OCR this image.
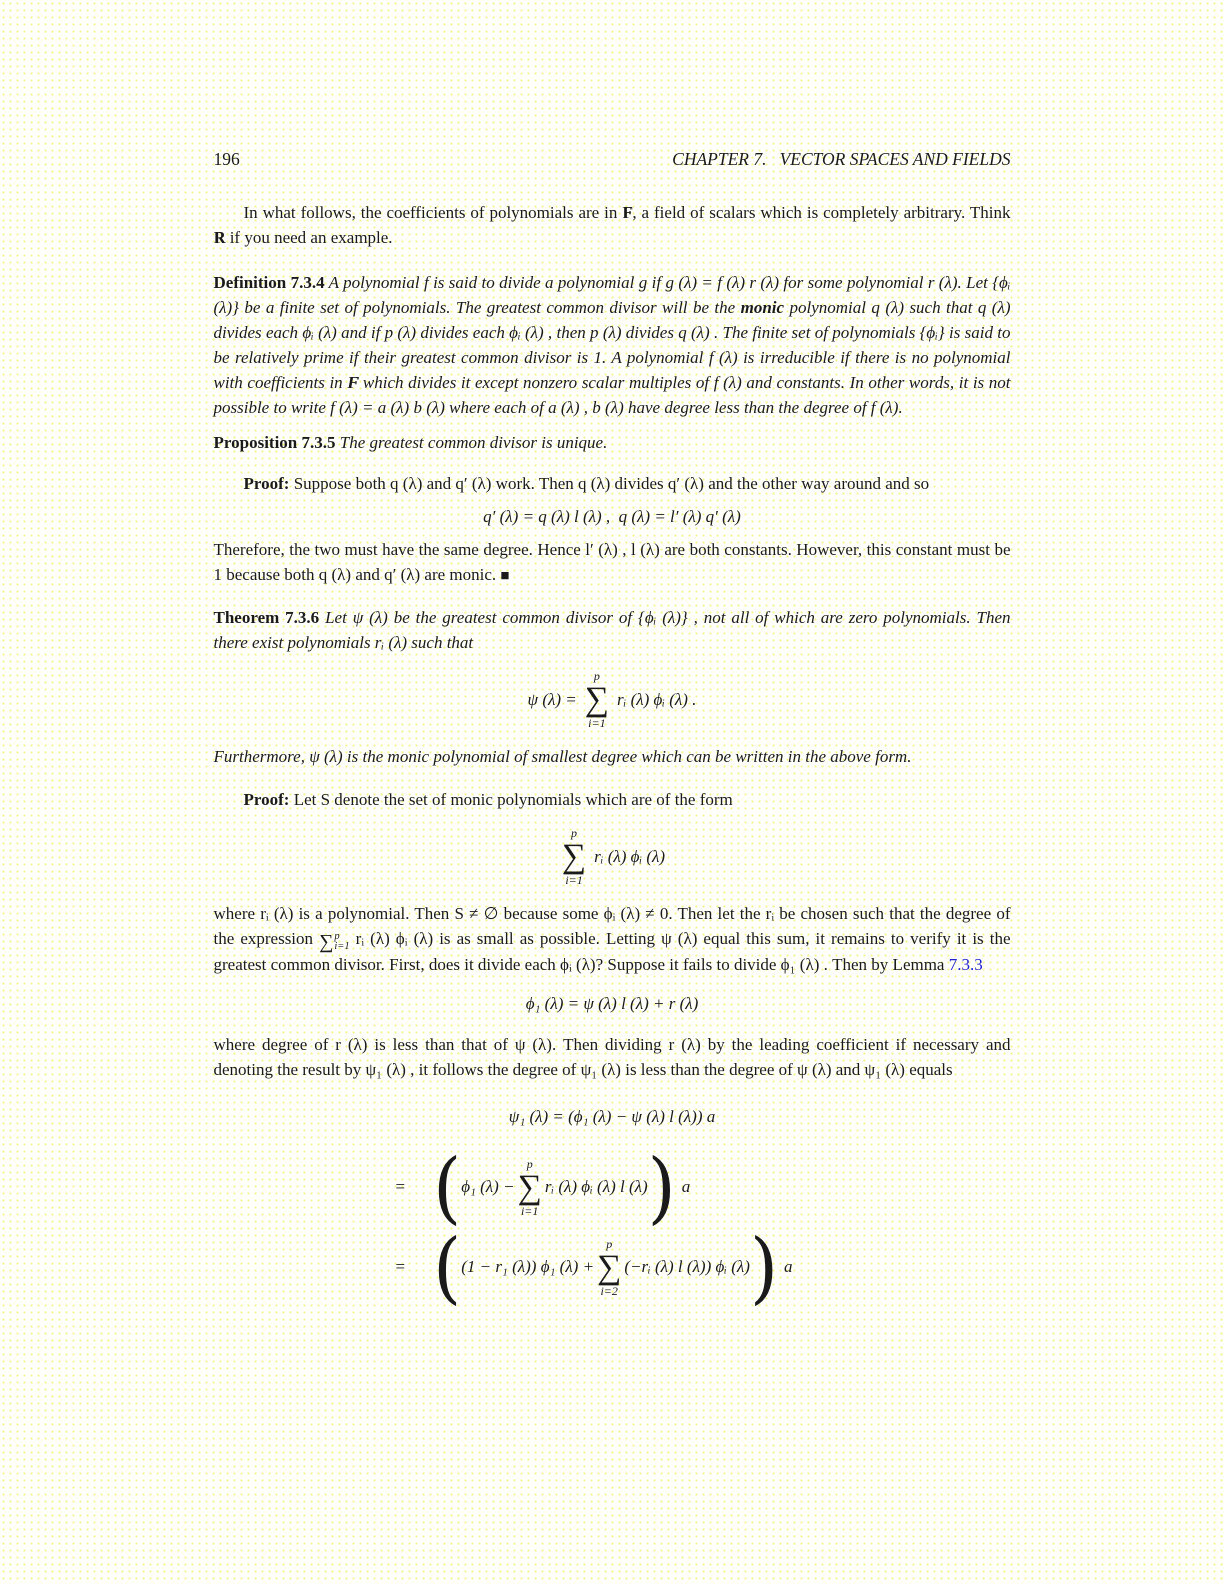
196	CHAPTER 7.   VECTOR SPACES AND FIELDS

In what follows, the coefficients of polynomials are in F, a field of scalars which is completely arbitrary. Think R if you need an example.

Definition 7.3.4 A polynomial f is said to divide a polynomial g if g (λ) = f (λ) r (λ) for some polynomial r (λ). Let {ϕᵢ (λ)} be a finite set of polynomials. The greatest common divisor will be the monic polynomial q (λ) such that q (λ) divides each ϕᵢ (λ) and if p (λ) divides each ϕᵢ (λ) , then p (λ) divides q (λ) . The finite set of polynomials {ϕᵢ} is said to be relatively prime if their greatest common divisor is 1. A polynomial f (λ) is irreducible if there is no polynomial with coefficients in F which divides it except nonzero scalar multiples of f (λ) and constants. In other words, it is not possible to write f (λ) = a (λ) b (λ) where each of a (λ) , b (λ) have degree less than the degree of f (λ).

Proposition 7.3.5 The greatest common divisor is unique.

Proof: Suppose both q (λ) and q′ (λ) work. Then q (λ) divides q′ (λ) and the other way around and so

q′ (λ) = q (λ) l (λ) ,  q (λ) = l′ (λ) q′ (λ)

Therefore, the two must have the same degree. Hence l′ (λ) , l (λ) are both constants. However, this constant must be 1 because both q (λ) and q′ (λ) are monic. ■

Theorem 7.3.6 Let ψ (λ) be the greatest common divisor of {ϕᵢ (λ)} , not all of which are zero polynomials. Then there exist polynomials rᵢ (λ) such that

ψ (λ) =
p
∑
i=1
rᵢ (λ) ϕᵢ (λ) .

Furthermore, ψ (λ) is the monic polynomial of smallest degree which can be written in the above form.

Proof: Let S denote the set of monic polynomials which are of the form

p
∑
i=1
rᵢ (λ) ϕᵢ (λ)

where rᵢ (λ) is a polynomial. Then S ≠ ∅ because some ϕᵢ (λ) ≠ 0. Then let the rᵢ be chosen such that the degree of the expression ∑ p
i=1 rᵢ (λ) ϕᵢ (λ) is as small as possible. Letting ψ (λ) equal this sum, it remains to verify it is the greatest common divisor. First, does it divide each ϕᵢ (λ)? Suppose it fails to divide ϕ₁ (λ) . Then by Lemma 7.3.3

ϕ₁ (λ) = ψ (λ) l (λ) + r (λ)

where degree of r (λ) is less than that of ψ (λ). Then dividing r (λ) by the leading coefficient if necessary and denoting the result by ψ₁ (λ) , it follows the degree of ψ₁ (λ) is less than the degree of ψ (λ) and ψ₁ (λ) equals

ψ₁ (λ) = (ϕ₁ (λ) − ψ (λ) l (λ)) a
= ( ϕ₁ (λ) −
p
∑
i=1
rᵢ (λ) ϕᵢ (λ) l (λ) ) a
= ( (1 − r₁ (λ)) ϕ₁ (λ) +
p
∑
i=2
(−rᵢ (λ) l (λ)) ϕᵢ (λ) ) a
